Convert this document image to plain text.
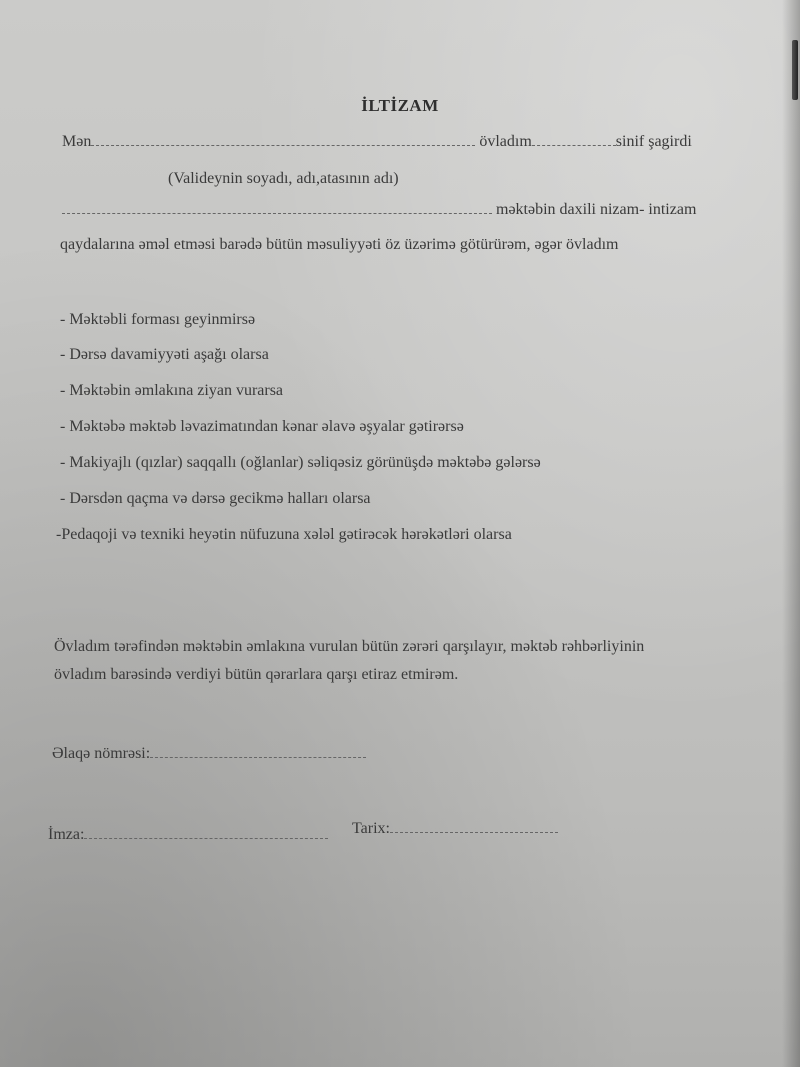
İLTİZAM
Mən	övladım	sinif şagirdi
(Valideynin soyadı, adı,atasının adı)
məktəbin daxili nizam- intizam
qaydalarına əməl etməsi barədə bütün məsuliyyəti öz üzərimə götürürəm, əgər övladım
- Məktəbli forması geyinmirsə
- Dərsə davamiyyəti aşağı olarsa
- Məktəbin əmlakına ziyan vurarsa
- Məktəbə məktəb ləvazimatından kənar əlavə əşyalar gətirərsə
- Makiyajlı (qızlar) saqqallı (oğlanlar) səliqəsiz görünüşdə məktəbə gələrsə
- Dərsdən qaçma və dərsə gecikmə halları olarsa
-Pedaqoji və texniki heyətin nüfuzuna xələl gətirəcək hərəkətləri olarsa
Övladım tərəfindən məktəbin əmlakına vurulan bütün zərəri qarşılayır, məktəb rəhbərliyinin
övladım barəsində verdiyi bütün qərarlara qarşı etiraz etmirəm.
Əlaqə nömrəsi:
İmza:	Tarix:
